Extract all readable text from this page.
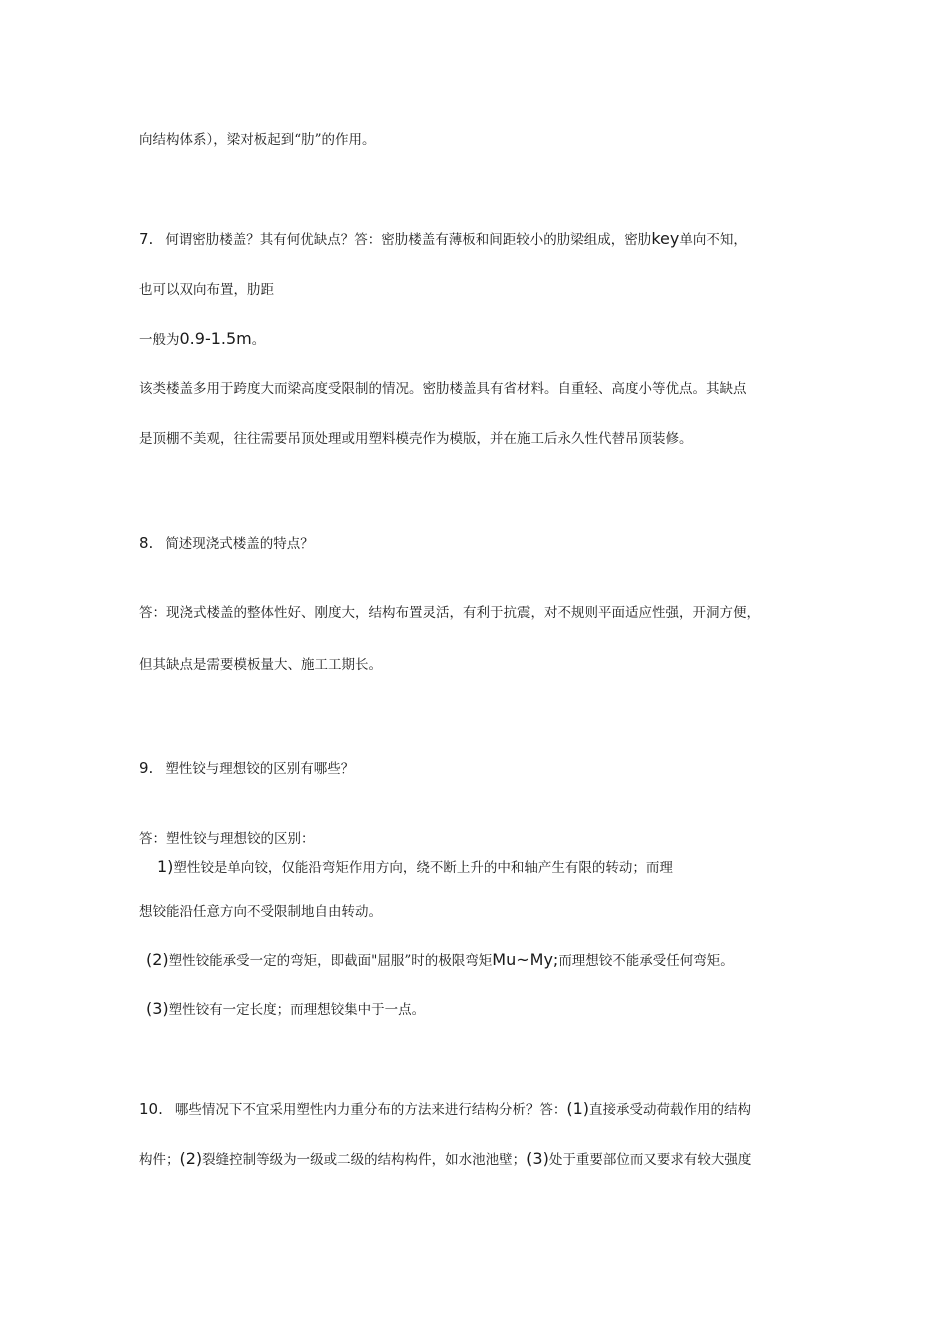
向结构体系），梁对板起到“肋”的作用。
7. 何谓密肋楼盖？其有何优缺点？答：密肋楼盖有薄板和间距较小的肋梁组成，密肋key单向不知，
也可以双向布置，肋距
一般为0.9-1.5m。
该类楼盖多用于跨度大而梁高度受限制的情况。密肋楼盖具有省材料。自重轻、高度小等优点。其缺点
是顶棚不美观，往往需要吊顶处理或用塑料模壳作为模版，并在施工后永久性代替吊顶装修。
8. 简述现浇式楼盖的特点？
答：现浇式楼盖的整体性好、刚度大，结构布置灵活，有利于抗震，对不规则平面适应性强，开洞方便，
但其缺点是需要模板量大、施工工期长。
9. 塑性铰与理想铰的区别有哪些？
答：塑性铰与理想铰的区别：
1)塑性铰是单向铰，仅能沿弯矩作用方向，绕不断上升的中和轴产生有限的转动；而理
想铰能沿任意方向不受限制地自由转动。
(2)塑性铰能承受一定的弯矩，即截面"屈服”时的极限弯矩Mu~My;而理想铰不能承受任何弯矩。
(3)塑性铰有一定长度；而理想铰集中于一点。
10. 哪些情况下不宜采用塑性内力重分布的方法来进行结构分析？答：(1)直接承受动荷载作用的结构
构件；(2)裂缝控制等级为一级或二级的结构构件，如水池池壁；(3)处于重要部位而又要求有较大强度
